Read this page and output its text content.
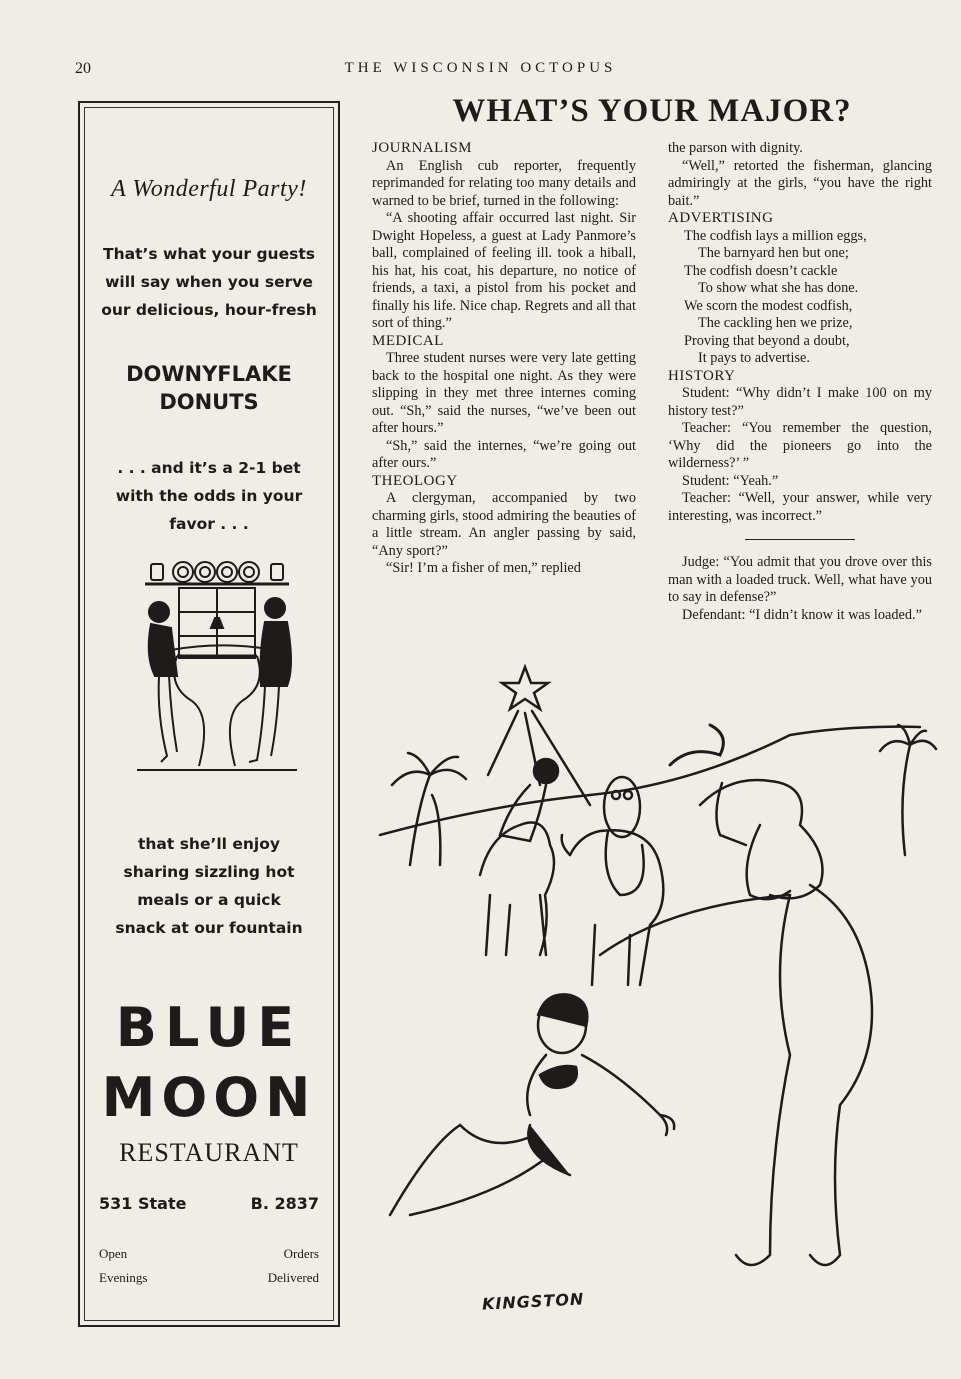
20	THE WISCONSIN OCTOPUS

A Wonderful Party!

That’s what your guests will say when you serve our delicious, hour-fresh

DOWNYFLAKE DONUTS

. . . and it’s a 2-1 bet with the odds in your favor . . .

that she’ll enjoy sharing sizzling hot meals or a quick snack at our fountain

BLUE

MOON

RESTAURANT

531 State	B. 2837

Open
Evenings

Orders
Delivered

WHAT’S YOUR MAJOR?

JOURNALISM

An English cub reporter, frequently reprimanded for relating too many details and warned to be brief, turned in the following:

“A shooting affair occurred last night. Sir Dwight Hopeless, a guest at Lady Panmore’s ball, complained of feeling ill. took a hiball, his hat, his coat, his departure, no notice of friends, a taxi, a pistol from his pocket and finally his life. Nice chap. Regrets and all that sort of thing.”

MEDICAL

Three student nurses were very late getting back to the hospital one night. As they were slipping in they met three internes coming out. “Sh,” said the nurses, “we’ve been out after hours.”

“Sh,” said the internes, “we’re going out after ours.”

THEOLOGY

A clergyman, accompanied by two charming girls, stood admiring the beauties of a little stream. An angler passing by said, “Any sport?”

“Sir! I’m a fisher of men,” replied

the parson with dignity.

“Well,” retorted the fisherman, glancing admiringly at the girls, “you have the right bait.”

ADVERTISING

The codfish lays a million eggs,

The barnyard hen but one;

The codfish doesn’t cackle

To show what she has done.

We scorn the modest codfish,

The cackling hen we prize,

Proving that beyond a doubt,

It pays to advertise.

HISTORY

Student: “Why didn’t I make 100 on my history test?”

Teacher: “You remember the question, ‘Why did the pioneers go into the wilderness?’ ”

Student: “Yeah.”

Teacher: “Well, your answer, while very interesting, was incorrect.”

Judge: “You admit that you drove over this man with a loaded truck. Well, what have you to say in defense?”

Defendant: “I didn’t know it was loaded.”

KINGSTON
